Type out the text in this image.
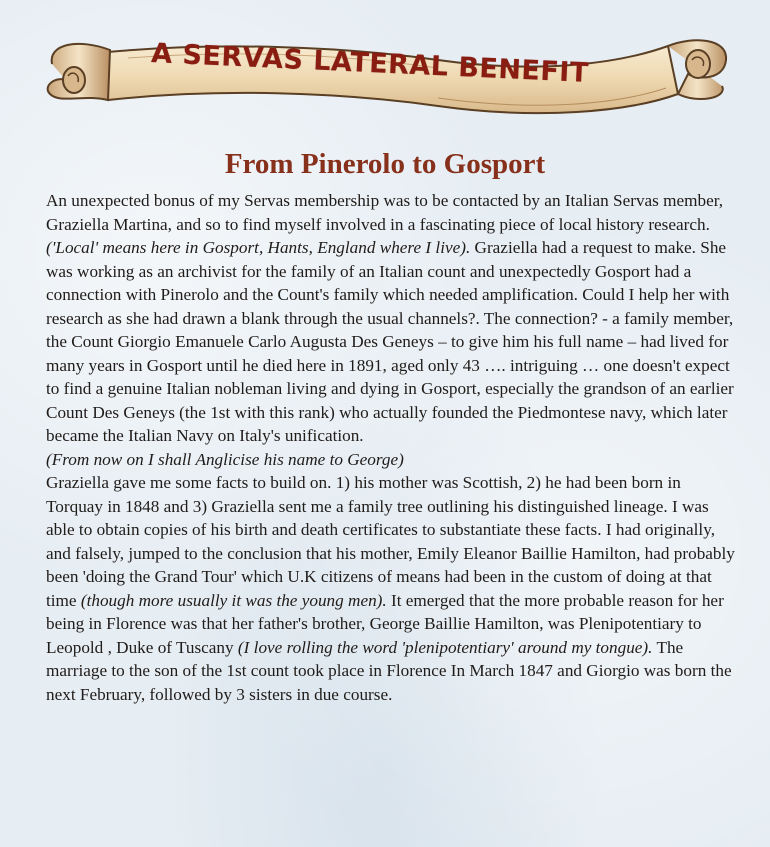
A SERVAS LATERAL BENEFIT
From Pinerolo to Gosport

An unexpected bonus of my Servas membership was to be contacted by an Italian Servas member, Graziella Martina, and so to find myself involved in a fascinating piece of local history research. ('Local' means here in Gosport, Hants, England where I live). Graziella had a request to make. She was working as an archivist for the family of an Italian count and unexpectedly Gosport had a connection with Pinerolo and the Count's family which needed amplification. Could I help her with research as she had drawn a blank through the usual channels?. The connection? - a family member, the Count Giorgio Emanuele Carlo Augusta Des Geneys – to give him his full name – had lived for many years in Gosport until he died here in 1891, aged only 43 …. intriguing … one doesn't expect to find a genuine Italian nobleman living and dying in Gosport, especially the grandson of an earlier Count Des Geneys (the 1st with this rank) who actually founded the Piedmontese navy, which later became the Italian Navy on Italy's unification.

(From now on I shall Anglicise his name to George)

Graziella gave me some facts to build on. 1) his mother was Scottish, 2) he had been born in Torquay in 1848 and 3) Graziella sent me a family tree outlining his distinguished lineage. I was able to obtain copies of his birth and death certificates to substantiate these facts. I had originally, and falsely, jumped to the conclusion that his mother, Emily Eleanor Baillie Hamilton, had probably been 'doing the Grand Tour' which U.K citizens of means had been in the custom of doing at that time (though more usually it was the young men). It emerged that the more probable reason for her being in Florence was that her father's brother, George Baillie Hamilton, was Plenipotentiary to Leopold , Duke of Tuscany (I love rolling the word 'plenipotentiary' around my tongue). The marriage to the son of the 1st count took place in Florence In March 1847 and Giorgio was born the next February, followed by 3 sisters in due course.
